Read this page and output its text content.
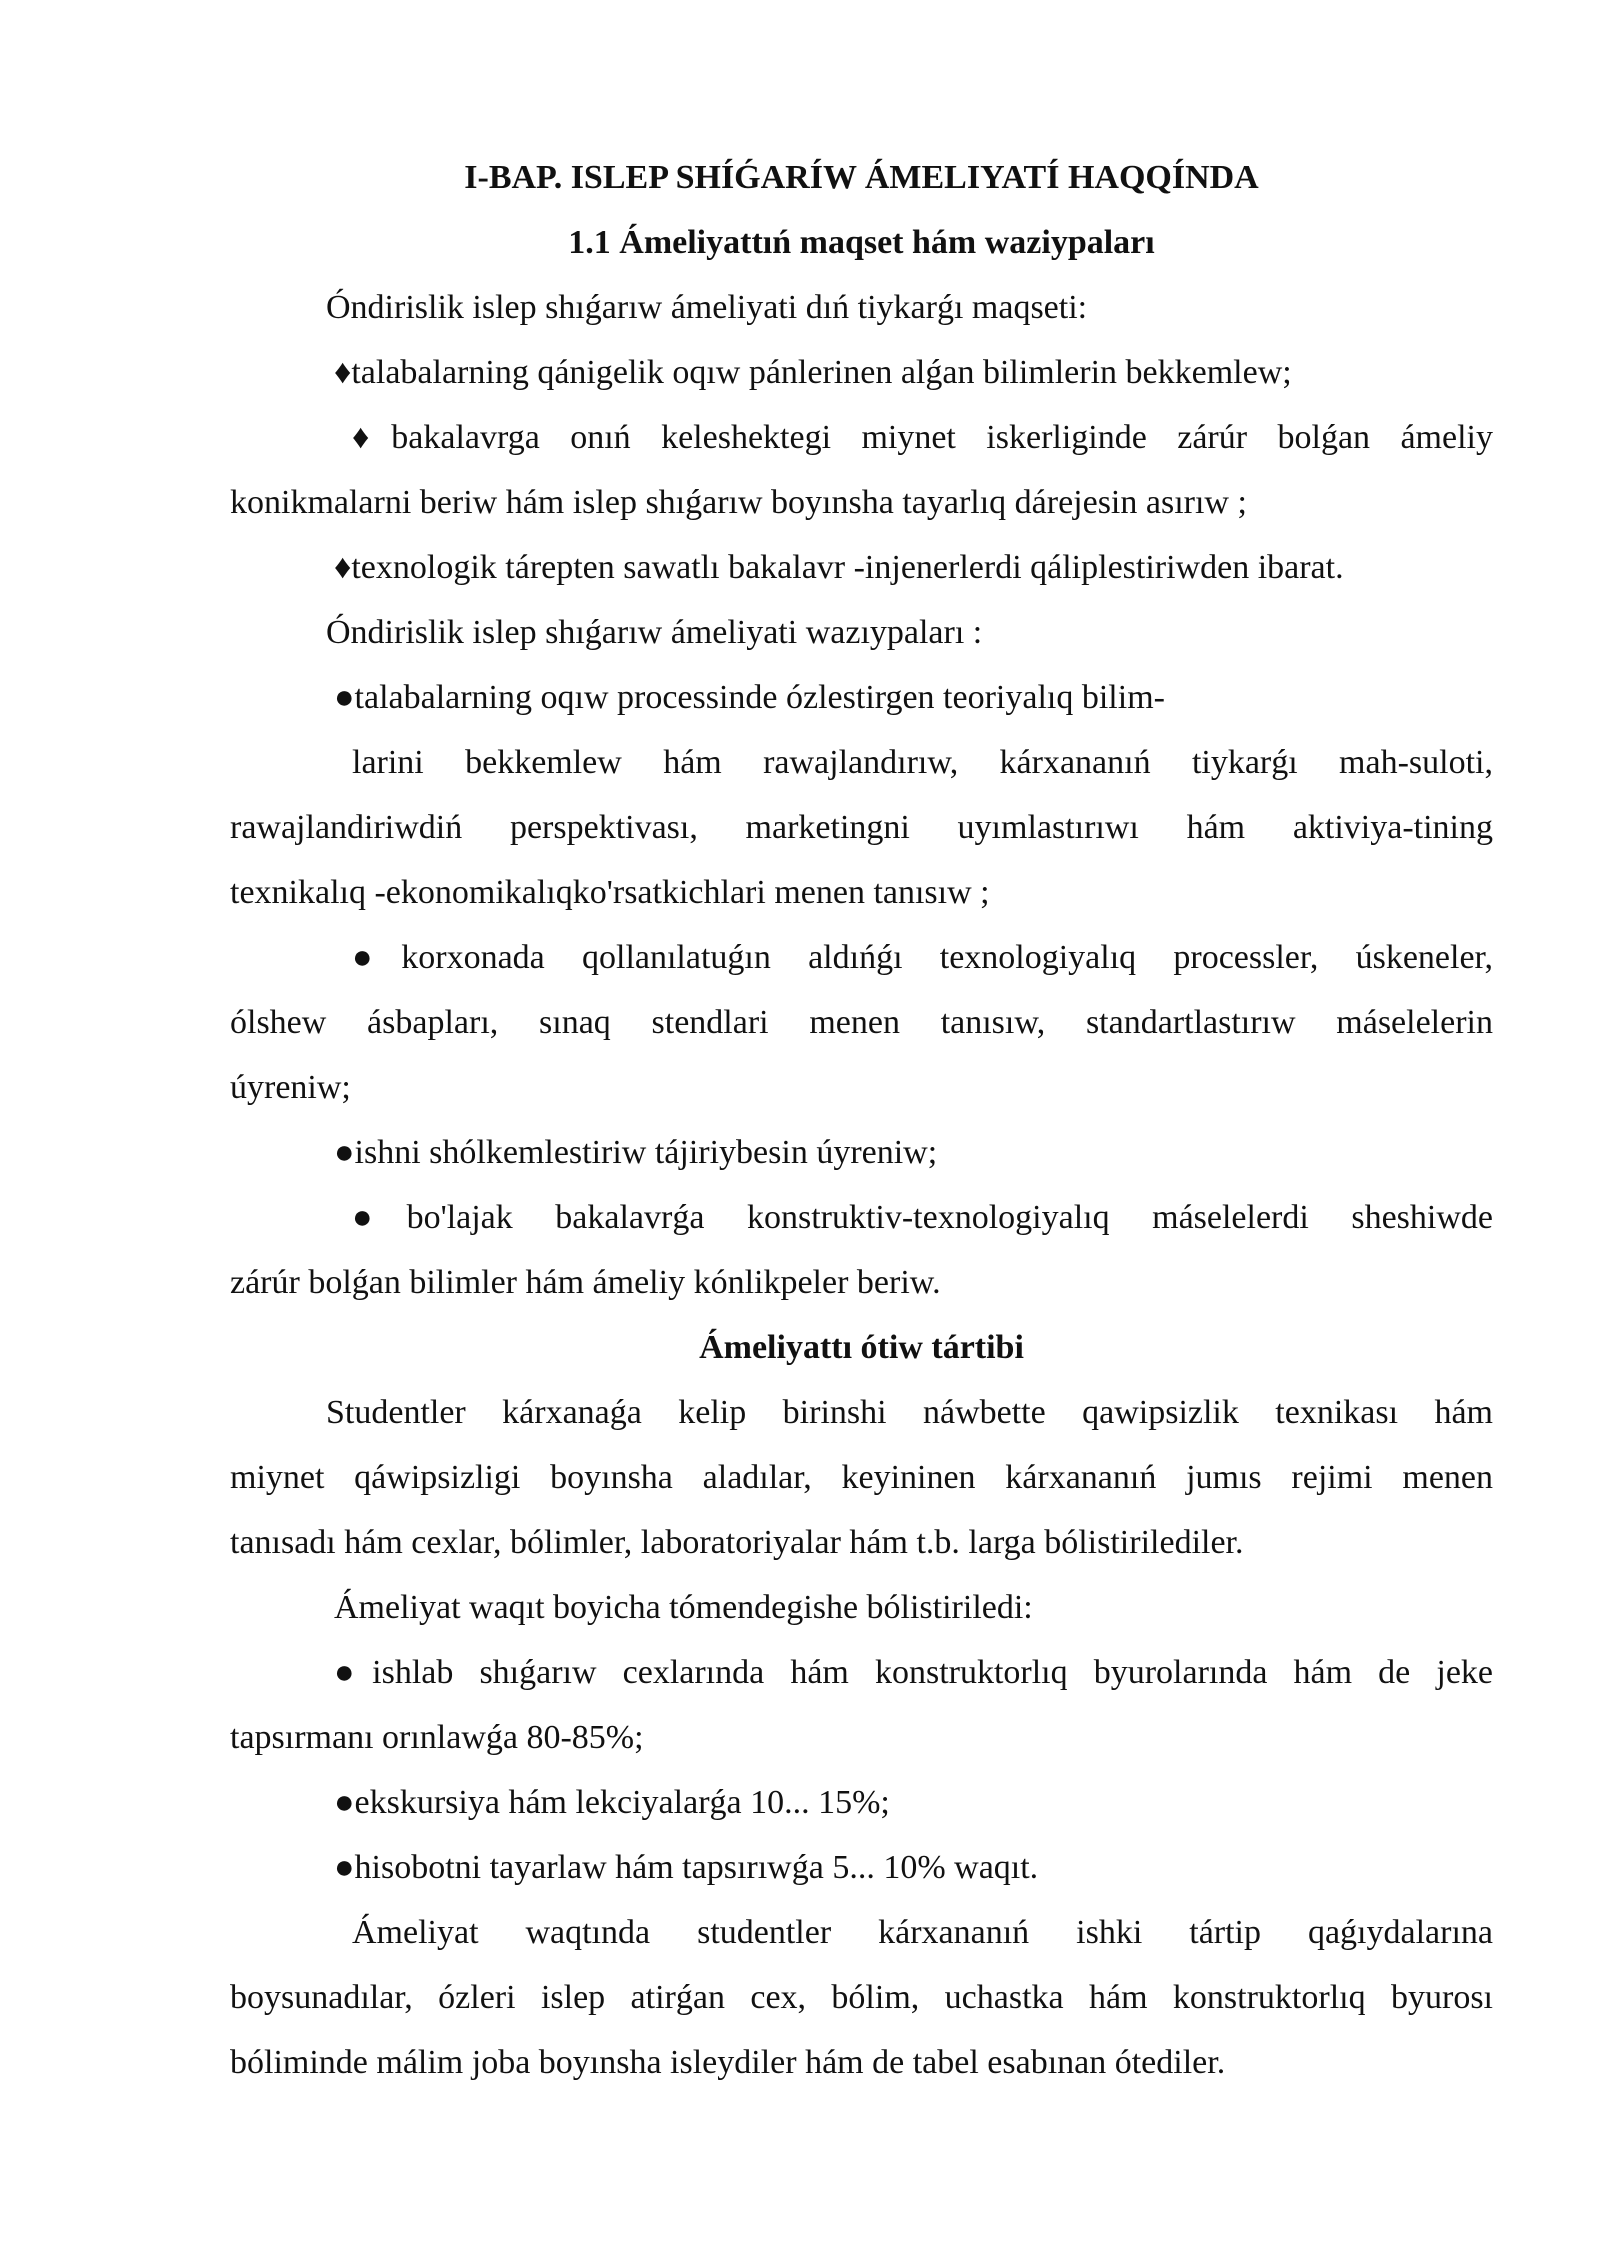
I-BAP. ISLEP SHÍǴARÍW ÁMELIYATÍ HAQQÍNDA
1.1 Ámeliyattıń maqset hám waziypaları
Óndirislik islep shıǵarıw ámeliyati dıń tiykarǵı maqseti:
♦talabalarning qánigelik oqıw pánlerinen alǵan bilimlerin bekkemlew;
♦bakalavrga onıń keleshektegi miynet iskerliginde zárúr bolǵan ámeliy
konikmalarni beriw hám islep shıǵarıw boyınsha tayarlıq dárejesin asırıw ;
♦texnologik tárepten sawatlı bakalavr -injenerlerdi qáliplestiriwden ibarat.
Óndirislik islep shıǵarıw ámeliyati wazıypaları :
●talabalarning oqıw processinde ózlestirgen teoriyalıq bilim-
larini bekkemlew hám rawajlandırıw, kárxananıń tiykarǵı mah-suloti,
rawajlandiriwdiń perspektivası, marketingni uyımlastırıwı hám aktiviya-tining
texnikalıq -ekonomikalıqko'rsatkichlari menen tanısıw ;
●korxonada qollanılatuǵın aldıńǵı texnologiyalıq processler, úskeneler,
ólshew ásbapları, sınaq stendlari menen tanısıw, standartlastırıw máselelerin
úyreniw;
●ishni shólkemlestiriw tájiriybesin úyreniw;
●bo'lajak bakalavrǵa konstruktiv-texnologiyalıq máselelerdi sheshiwde
zárúr bolǵan bilimler hám ámeliy kónlikpeler beriw.
Ámeliyattı ótiw tártibi
Studentler kárxanaǵa kelip birinshi náwbette qawipsizlik texnikası hám
miynet qáwipsizligi boyınsha aladılar, keyininen kárxananıń jumıs rejimi menen
tanısadı hám cexlar, bólimler, laboratoriyalar hám t.b. larga bólistirilediler.
Ámeliyat waqıt boyicha tómendegishe bólistiriledi:
●ishlab shıǵarıw cexlarında hám konstruktorlıq byurolarında hám de jeke
tapsırmanı orınlawǵa 80-85%;
●ekskursiya hám lekciyalarǵa 10... 15%;
●hisobotni tayarlaw hám tapsırıwǵa 5... 10% waqıt.
Ámeliyat waqtında studentler kárxananıń ishki tártip qaǵıydalarına
boysunadılar, ózleri islep atirǵan cex, bólim, uchastka hám konstruktorlıq byurosı
bóliminde málim joba boyınsha isleydiler hám de tabel esabınan ótediler.
